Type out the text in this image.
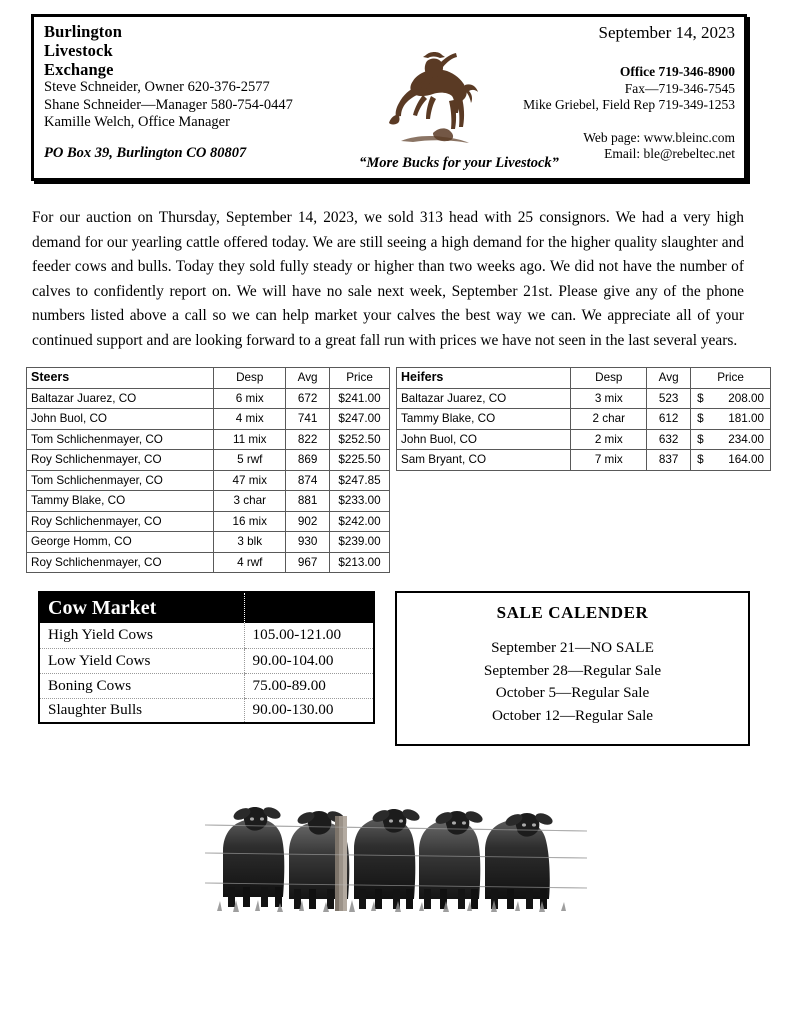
Burlington
Livestock
Exchange
Steve Schneider, Owner 620-376-2577
Shane Schneider—Manager 580-754-0447
Kamille Welch, Office Manager
PO Box 39, Burlington CO 80807
“More Bucks for your Livestock”
September 14, 2023
Office 719-346-8900
Fax—719-346-7545
Mike Griebel, Field Rep 719-349-1253
Web page: www.bleinc.com
Email: ble@rebeltec.net
For our auction on Thursday, September 14, 2023, we sold 313 head with 25 consignors. We had a very high demand for our yearling cattle offered today. We are still seeing a high demand for the higher quality slaughter and feeder cows and bulls. Today they sold fully steady or higher than two weeks ago. We did not have the number of calves to confidently report on. We will have no sale next week, September 21st. Please give any of the phone numbers listed above a call so we can help market your calves the best way we can. We appreciate all of your continued support and are looking forward to a great fall run with prices we have not seen in the last several years.
Steers	Desp	Avg	Price
Baltazar Juarez, CO	6 mix	672	$241.00
John Buol, CO	4 mix	741	$247.00
Tom Schlichenmayer, CO	11 mix	822	$252.50
Roy Schlichenmayer, CO	5 rwf	869	$225.50
Tom Schlichenmayer, CO	47 mix	874	$247.85
Tammy Blake, CO	3 char	881	$233.00
Roy Schlichenmayer, CO	16 mix	902	$242.00
George Homm, CO	3 blk	930	$239.00
Roy Schlichenmayer, CO	4 rwf	967	$213.00
Heifers	Desp	Avg	Price
Baltazar Juarez, CO	3 mix	523	$ 208.00

Tammy Blake, CO	2 char	612	$ 181.00

John Buol, CO	2 mix	632	$ 234.00

Sam Bryant, CO	7 mix	837	$ 164.00
Cow Market	
High Yield Cows	105.00-121.00
Low Yield Cows	90.00-104.00
Boning Cows	75.00-89.00
Slaughter Bulls	90.00-130.00
SALE CALENDER
September 21—NO SALE
September 28—Regular Sale
October 5—Regular Sale
October 12—Regular Sale
